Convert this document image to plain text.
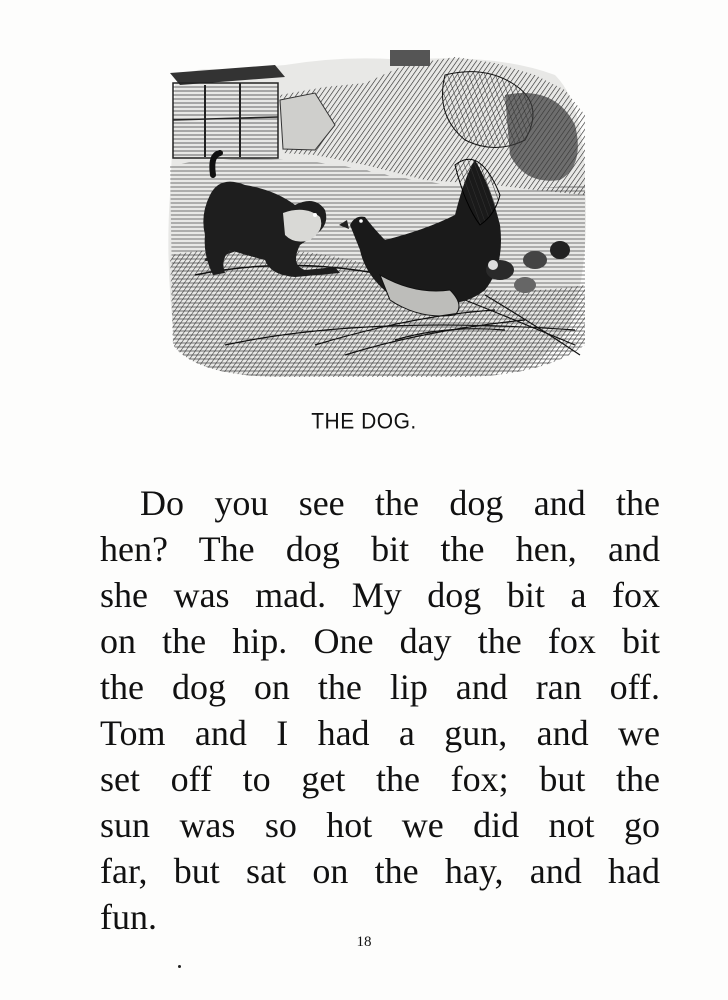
THE DOG.
Do you see the dog and the
hen? The dog bit the hen, and
she was mad. My dog bit a fox
on the hip. One day the fox bit
the dog on the lip and ran off.
Tom and I had a gun, and we
set off to get the fox; but the
sun was so hot we did not go
far, but sat on the hay, and had
fun.
18
